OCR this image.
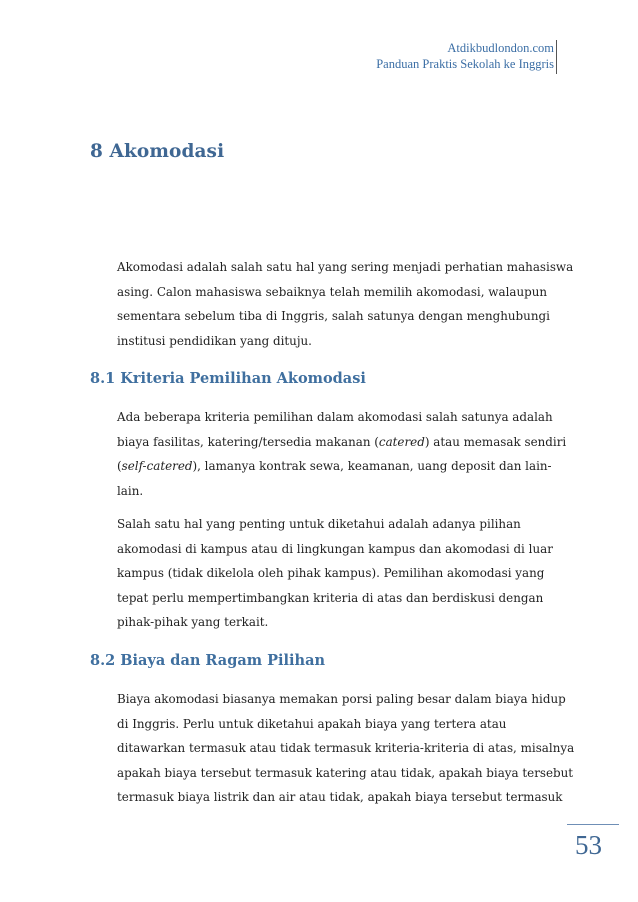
Atdikbudlondon.com
Panduan Praktis Sekolah ke Inggris
8 Akomodasi

Akomodasi adalah salah satu hal yang sering menjadi perhatian mahasiswa
asing. Calon mahasiswa sebaiknya telah memilih akomodasi, walaupun
sementara sebelum tiba di Inggris, salah satunya dengan menghubungi
institusi pendidikan yang dituju.

8.1 Kriteria Pemilihan Akomodasi

Ada beberapa kriteria pemilihan dalam akomodasi salah satunya adalah
biaya fasilitas, katering/tersedia makanan (catered) atau memasak sendiri
(self-catered), lamanya kontrak sewa, keamanan, uang deposit dan lain-
lain.

Salah satu hal yang penting untuk diketahui adalah adanya pilihan
akomodasi di kampus atau di lingkungan kampus dan akomodasi di luar
kampus (tidak dikelola oleh pihak kampus). Pemilihan akomodasi yang
tepat perlu mempertimbangkan kriteria di atas dan berdiskusi dengan
pihak-pihak yang terkait.

8.2 Biaya dan Ragam Pilihan

Biaya akomodasi biasanya memakan porsi paling besar dalam biaya hidup
di Inggris. Perlu untuk diketahui apakah biaya yang tertera atau
ditawarkan termasuk atau tidak termasuk kriteria-kriteria di atas, misalnya
apakah biaya tersebut termasuk katering atau tidak, apakah biaya tersebut
termasuk biaya listrik dan air atau tidak, apakah biaya tersebut termasuk

53
